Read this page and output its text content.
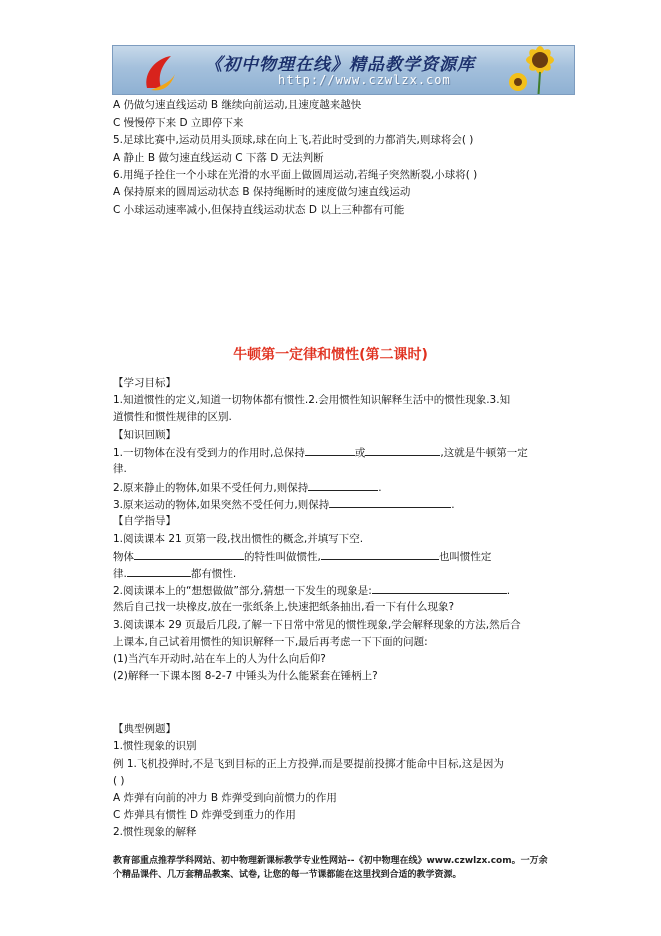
《初中物理在线》精品教学资源库
http://www.czwlzx.com
A 仍做匀速直线运动 B 继续向前运动,且速度越来越快
C 慢慢停下来 D 立即停下来
5.足球比赛中,运动员用头顶球,球在向上飞,若此时受到的力都消失,则球将会( )
A 静止 B 做匀速直线运动 C 下落 D 无法判断
6.用绳子拴住一个小球在光滑的水平面上做圆周运动,若绳子突然断裂,小球将( )
A 保持原来的圆周运动状态 B 保持绳断时的速度做匀速直线运动
C 小球运动速率减小,但保持直线运动状态 D 以上三种都有可能
牛顿第一定律和惯性(第二课时)
【学习目标】
1.知道惯性的定义,知道一切物体都有惯性.2.会用惯性知识解释生活中的惯性现象.3.知
道惯性和惯性规律的区别.
【知识回顾】
1.一切物体在没有受到力的作用时,总保持	或	,这就是牛顿第一定
律.
2.原来静止的物体,如果不受任何力,则保持	.
3.原来运动的物体,如果突然不受任何力,则保持	.
【自学指导】
1.阅读课本 21 页第一段,找出惯性的概念,并填写下空.
物体	的特性叫做惯性,	也叫惯性定
律.	都有惯性.
2.阅读课本上的“想想做做”部分,猜想一下发生的现象是:	.
然后自己找一块橡皮,放在一张纸条上,快速把纸条抽出,看一下有什么现象?
3.阅读课本 29 页最后几段,了解一下日常中常见的惯性现象,学会解释现象的方法,然后合
上课本,自己试着用惯性的知识解释一下,最后再考虑一下下面的问题:
(1)当汽车开动时,站在车上的人为什么向后仰?
(2)解释一下课本图 8-2-7 中锤头为什么能紧套在锤柄上?
【典型例题】
1.惯性现象的识别
例 1.飞机投弹时,不是飞到目标的正上方投弹,而是要提前投掷才能命中目标,这是因为
( )
A 炸弹有向前的冲力 B 炸弹受到向前惯力的作用
C 炸弹具有惯性 D 炸弹受到重力的作用
2.惯性现象的解释
教育部重点推荐学科网站、初中物理新课标教学专业性网站--《初中物理在线》www.czwlzx.com。一万余
个精品课件、几万套精品教案、试卷, 让您的每一节课都能在这里找到合适的教学资源。
